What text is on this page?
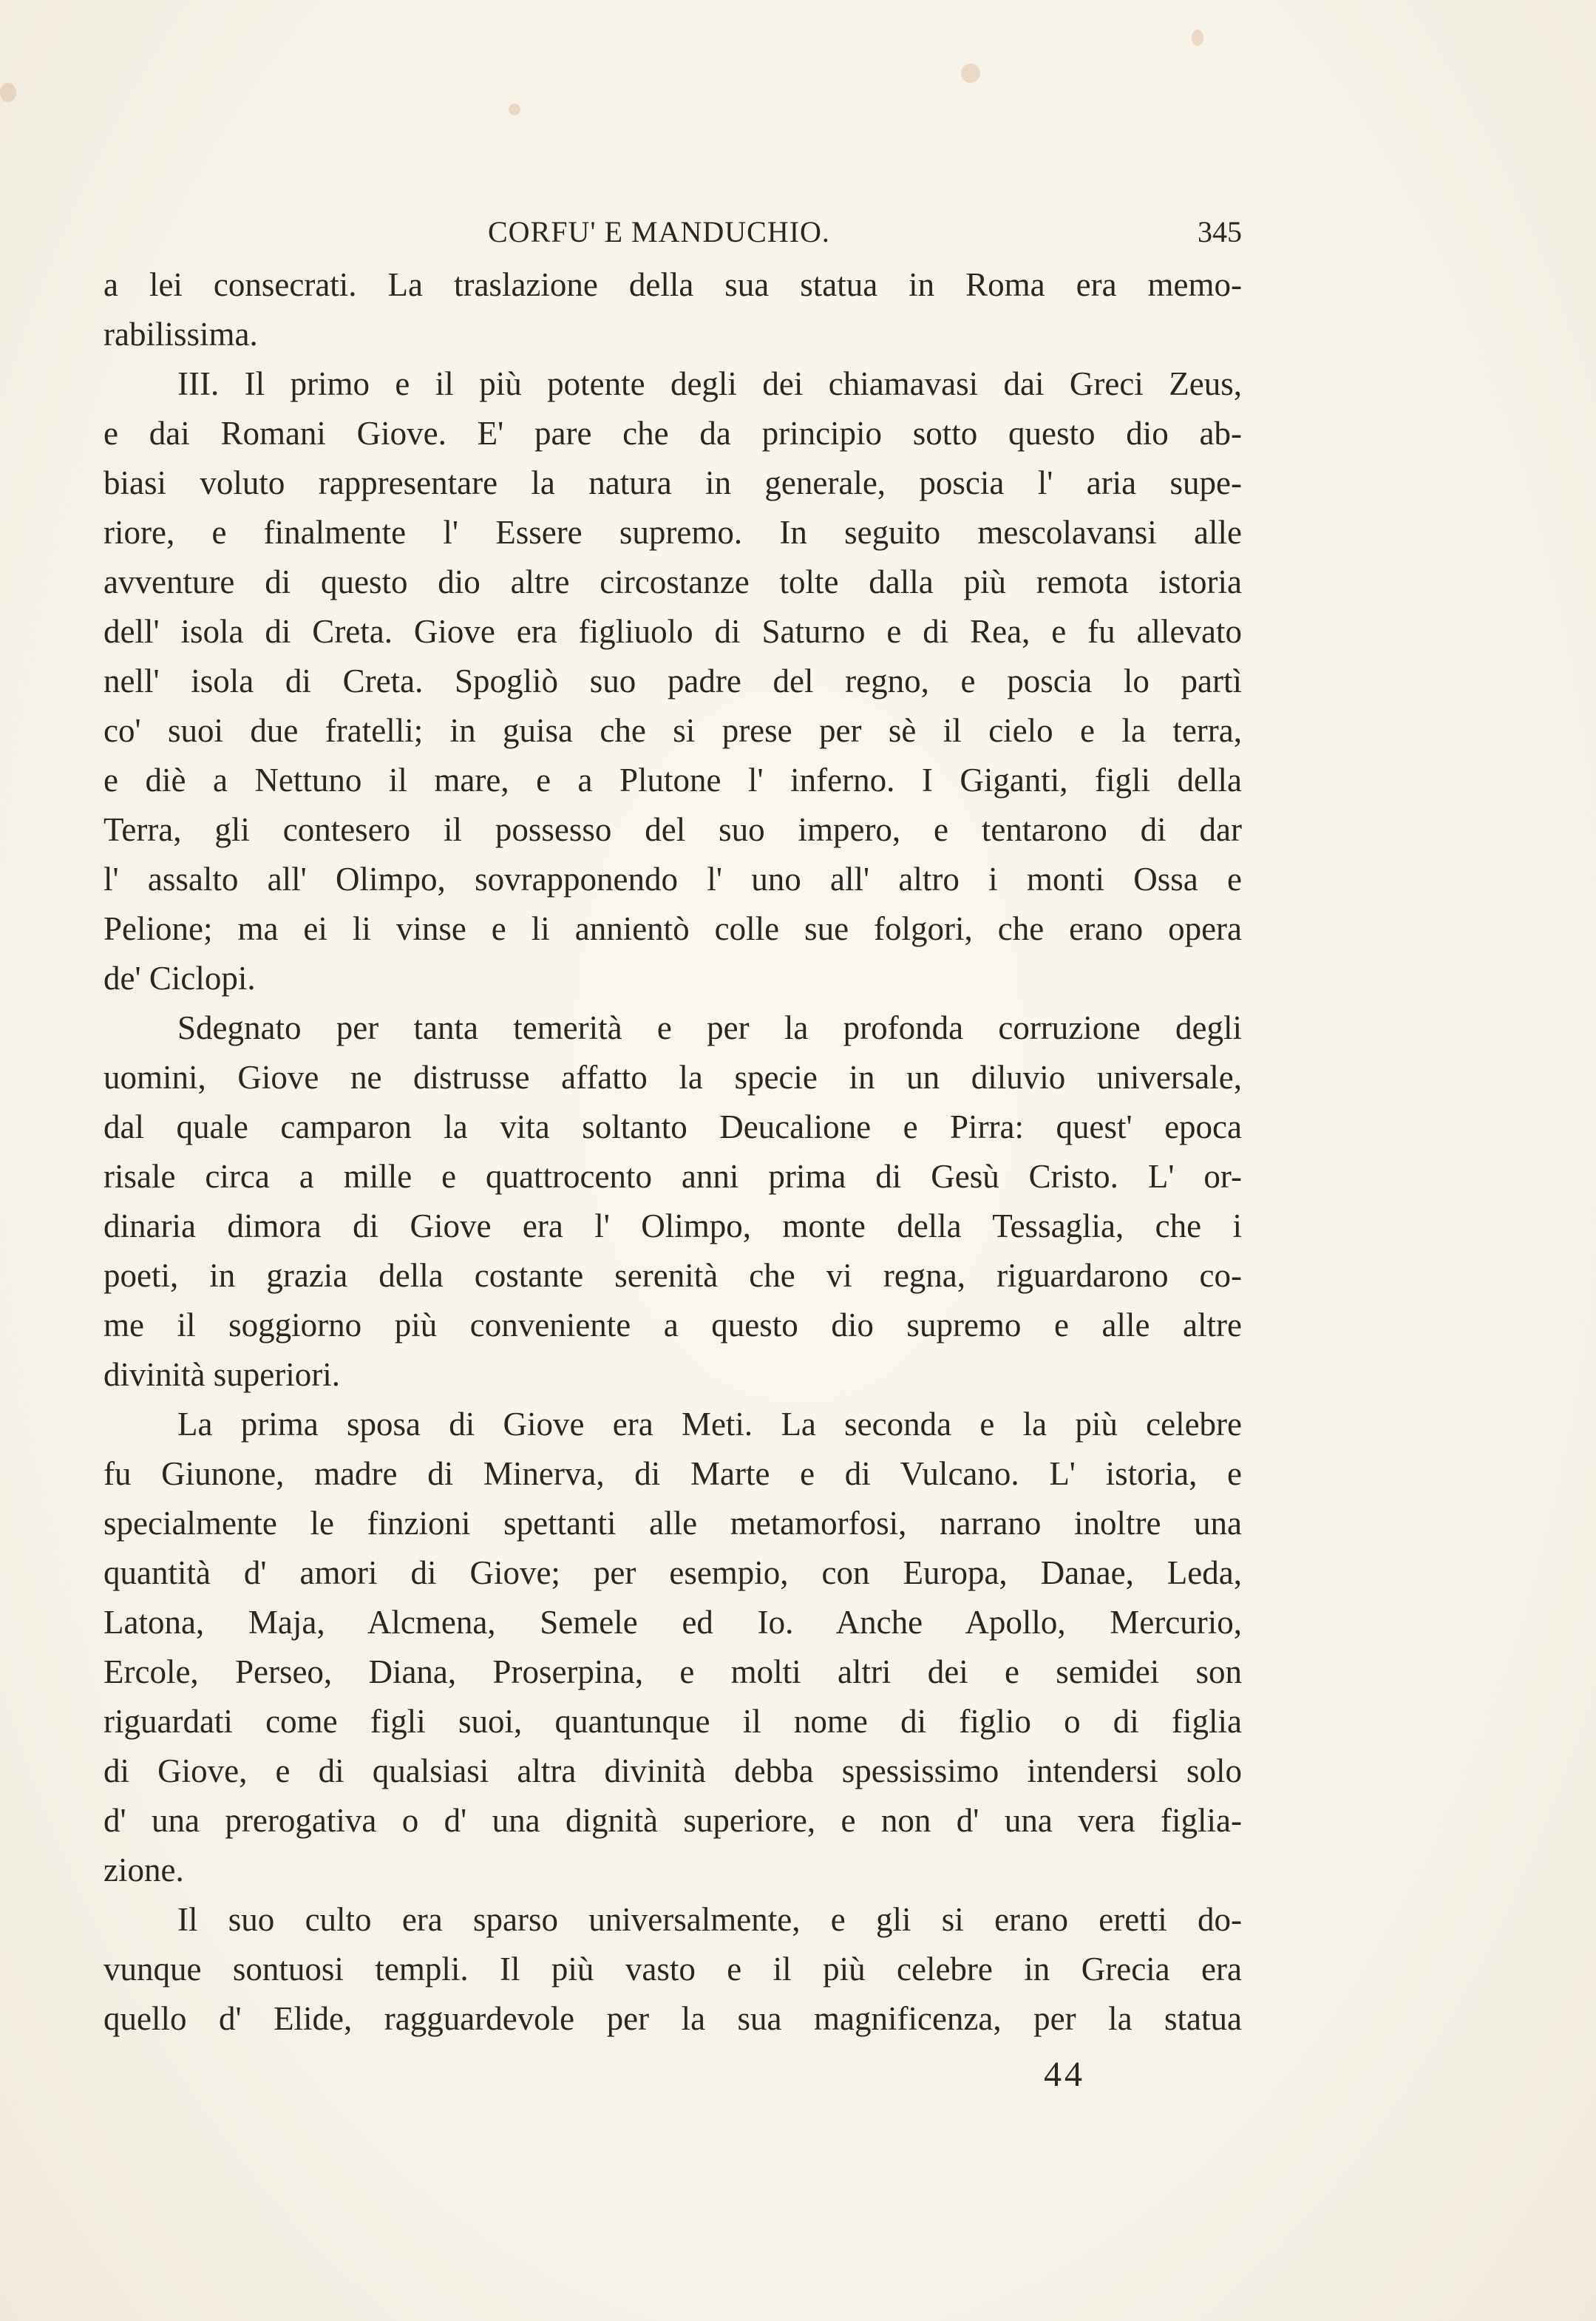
CORFU' E MANDUCHIO.	345
a lei consecrati. La traslazione della sua statua in Roma era memo-
rabilissima.
III. Il primo e il più potente degli dei chiamavasi dai Greci Zeus,
e dai Romani Giove. E' pare che da principio sotto questo dio ab-
biasi voluto rappresentare la natura in generale, poscia l' aria supe-
riore, e finalmente l' Essere supremo. In seguito mescolavansi alle
avventure di questo dio altre circostanze tolte dalla più remota istoria
dell' isola di Creta. Giove era figliuolo di Saturno e di Rea, e fu allevato
nell' isola di Creta. Spogliò suo padre del regno, e poscia lo partì
co' suoi due fratelli; in guisa che si prese per sè il cielo e la terra,
e diè a Nettuno il mare, e a Plutone l' inferno. I Giganti, figli della
Terra, gli contesero il possesso del suo impero, e tentarono di dar
l' assalto all' Olimpo, sovrapponendo l' uno all' altro i monti Ossa e
Pelione; ma ei li vinse e li annientò colle sue folgori, che erano opera
de' Ciclopi.
Sdegnato per tanta temerità e per la profonda corruzione degli
uomini, Giove ne distrusse affatto la specie in un diluvio universale,
dal quale camparon la vita soltanto Deucalione e Pirra: quest' epoca
risale circa a mille e quattrocento anni prima di Gesù Cristo. L' or-
dinaria dimora di Giove era l' Olimpo, monte della Tessaglia, che i
poeti, in grazia della costante serenità che vi regna, riguardarono co-
me il soggiorno più conveniente a questo dio supremo e alle altre
divinità superiori.
La prima sposa di Giove era Meti. La seconda e la più celebre
fu Giunone, madre di Minerva, di Marte e di Vulcano. L' istoria, e
specialmente le finzioni spettanti alle metamorfosi, narrano inoltre una
quantità d' amori di Giove; per esempio, con Europa, Danae, Leda,
Latona, Maja, Alcmena, Semele ed Io. Anche Apollo, Mercurio,
Ercole, Perseo, Diana, Proserpina, e molti altri dei e semidei son
riguardati come figli suoi, quantunque il nome di figlio o di figlia
di Giove, e di qualsiasi altra divinità debba spessissimo intendersi solo
d' una prerogativa o d' una dignità superiore, e non d' una vera figlia-
zione.
Il suo culto era sparso universalmente, e gli si erano eretti do-
vunque sontuosi templi. Il più vasto e il più celebre in Grecia era
quello d' Elide, ragguardevole per la sua magnificenza, per la statua
44
